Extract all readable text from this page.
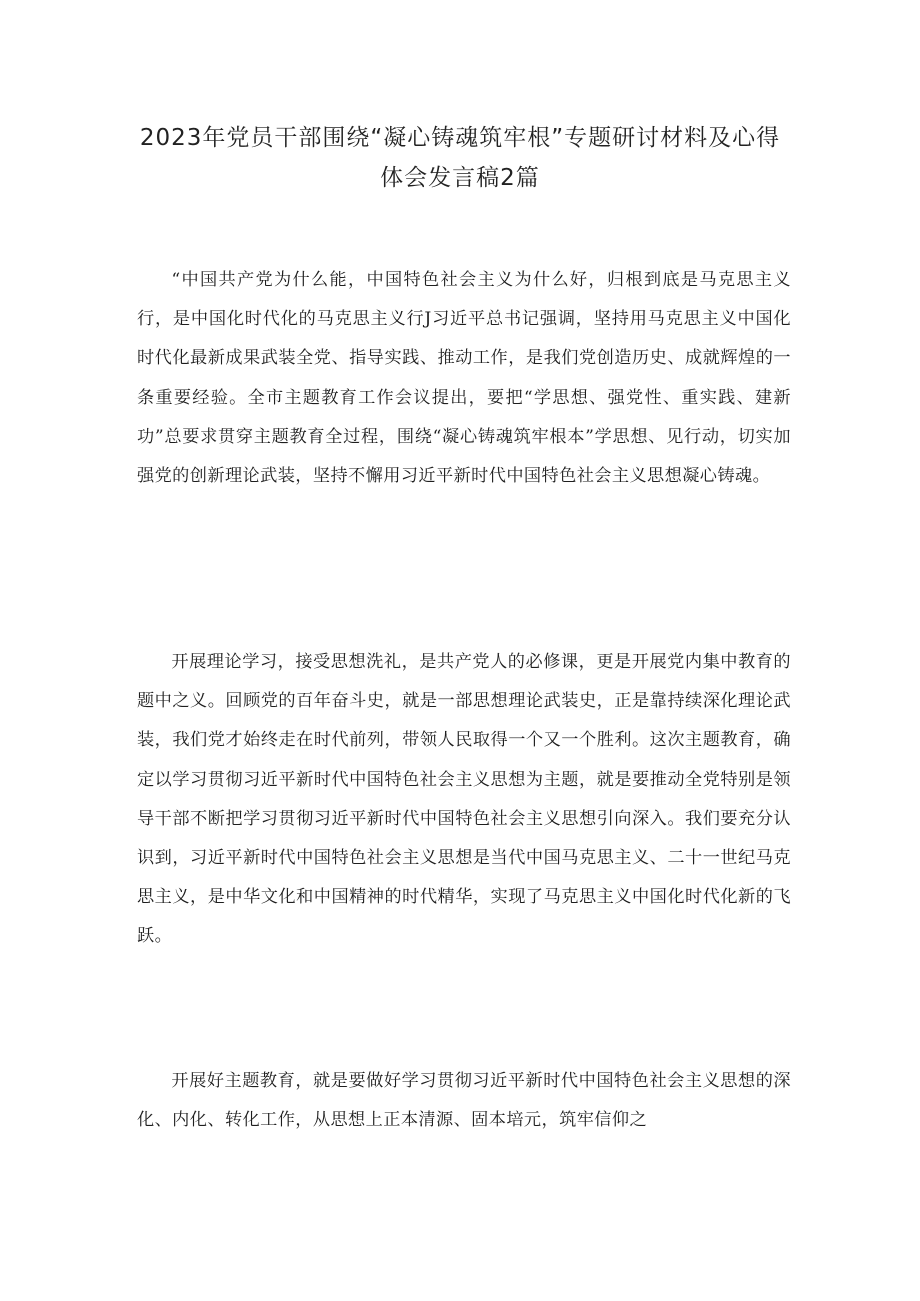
2023年党员干部围绕“凝心铸魂筑牢根”专题研讨材料及心得体会发言稿2篇

“中国共产党为什么能，中国特色社会主义为什么好，归根到底是马克思主义行，是中国化时代化的马克思主义行J习近平总书记强调，坚持用马克思主义中国化时代化最新成果武装全党、指导实践、推动工作，是我们党创造历史、成就辉煌的一条重要经验。全市主题教育工作会议提出，要把“学思想、强党性、重实践、建新功”总要求贯穿主题教育全过程，围绕“凝心铸魂筑牢根本”学思想、见行动，切实加强党的创新理论武装，坚持不懈用习近平新时代中国特色社会主义思想凝心铸魂。

开展理论学习，接受思想洗礼，是共产党人的必修课，更是开展党内集中教育的题中之义。回顾党的百年奋斗史，就是一部思想理论武装史，正是靠持续深化理论武装，我们党才始终走在时代前列，带领人民取得一个又一个胜利。这次主题教育，确定以学习贯彻习近平新时代中国特色社会主义思想为主题，就是要推动全党特别是领导干部不断把学习贯彻习近平新时代中国特色社会主义思想引向深入。我们要充分认识到，习近平新时代中国特色社会主义思想是当代中国马克思主义、二十一世纪马克思主义，是中华文化和中国精神的时代精华，实现了马克思主义中国化时代化新的飞跃。

开展好主题教育，就是要做好学习贯彻习近平新时代中国特色社会主义思想的深化、内化、转化工作，从思想上正本清源、固本培元，筑牢信仰之
